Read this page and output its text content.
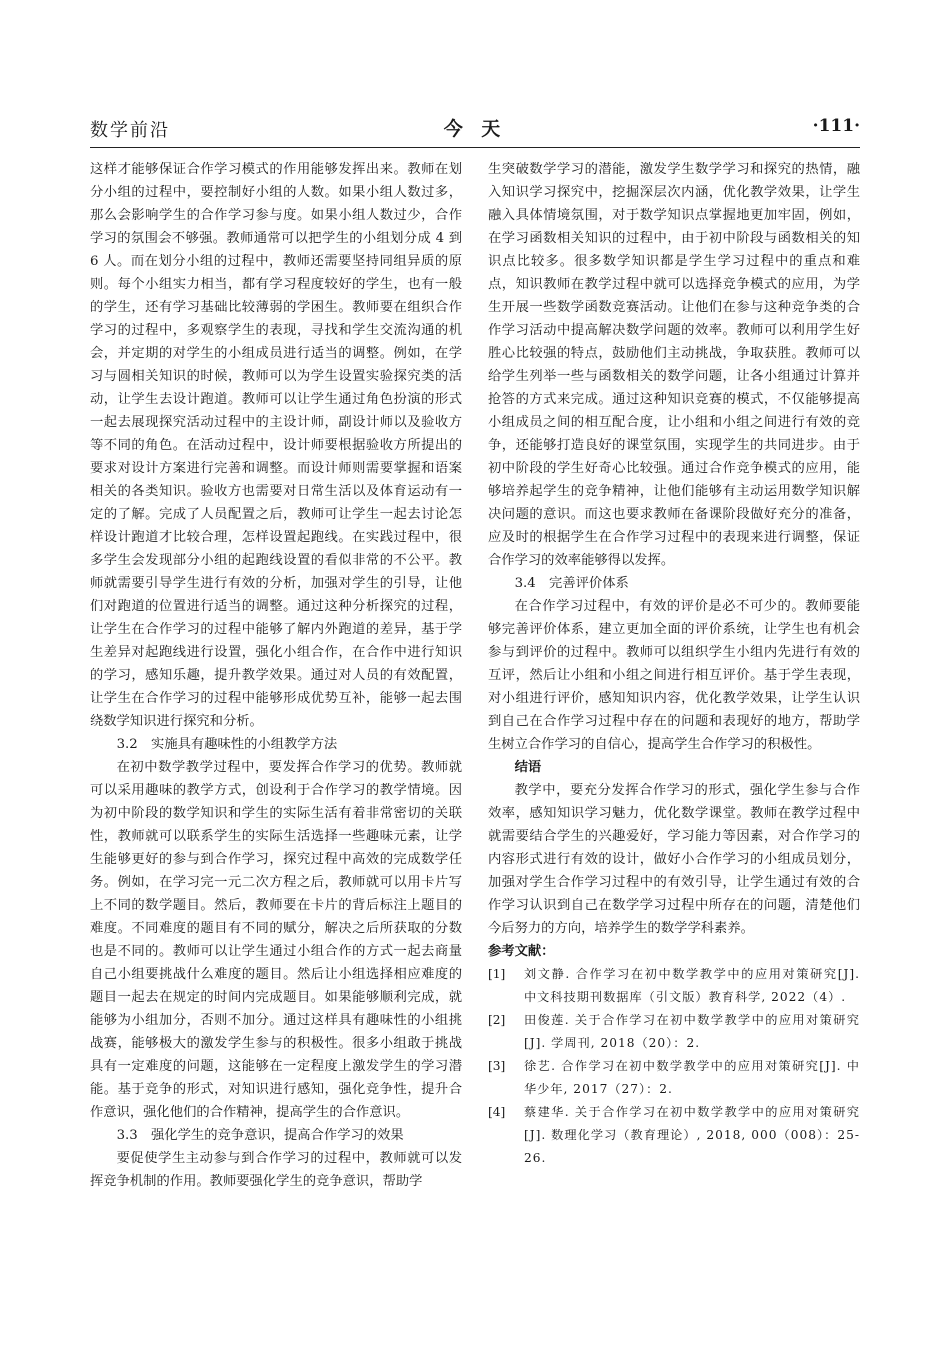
数学前沿	今 天	·111·

这样才能够保证合作学习模式的作用能够发挥出来。教师在划分小组的过程中，要控制好小组的人数。如果小组人数过多，那么会影响学生的合作学习参与度。如果小组人数过少，合作学习的氛围会不够强。教师通常可以把学生的小组划分成 4 到 6 人。而在划分小组的过程中，教师还需要坚持同组异质的原则。每个小组实力相当，都有学习程度较好的学生，也有一般的学生，还有学习基础比较薄弱的学困生。教师要在组织合作学习的过程中，多观察学生的表现，寻找和学生交流沟通的机会，并定期的对学生的小组成员进行适当的调整。例如，在学习与圆相关知识的时候，教师可以为学生设置实验探究类的活动，让学生去设计跑道。教师可以让学生通过角色扮演的形式一起去展现探究活动过程中的主设计师，副设计师以及验收方等不同的角色。在活动过程中，设计师要根据验收方所提出的要求对设计方案进行完善和调整。而设计师则需要掌握和语案相关的各类知识。验收方也需要对日常生活以及体育运动有一定的了解。完成了人员配置之后，教师可让学生一起去讨论怎样设计跑道才比较合理，怎样设置起跑线。在实践过程中，很多学生会发现部分小组的起跑线设置的看似非常的不公平。教师就需要引导学生进行有效的分析，加强对学生的引导，让他们对跑道的位置进行适当的调整。通过这种分析探究的过程，让学生在合作学习的过程中能够了解内外跑道的差异，基于学生差异对起跑线进行设置，强化小组合作，在合作中进行知识的学习，感知乐趣，提升教学效果。通过对人员的有效配置，让学生在合作学习的过程中能够形成优势互补，能够一起去围绕数学知识进行探究和分析。

3.2　实施具有趣味性的小组教学方法

在初中数学教学过程中，要发挥合作学习的优势。教师就可以采用趣味的教学方式，创设利于合作学习的教学情境。因为初中阶段的数学知识和学生的实际生活有着非常密切的关联性，教师就可以联系学生的实际生活选择一些趣味元素，让学生能够更好的参与到合作学习，探究过程中高效的完成数学任务。例如，在学习完一元二次方程之后，教师就可以用卡片写上不同的数学题目。然后，教师要在卡片的背后标注上题目的难度。不同难度的题目有不同的赋分，解决之后所获取的分数也是不同的。教师可以让学生通过小组合作的方式一起去商量自己小组要挑战什么难度的题目。然后让小组选择相应难度的题目一起去在规定的时间内完成题目。如果能够顺利完成，就能够为小组加分，否则不加分。通过这样具有趣味性的小组挑战赛，能够极大的激发学生参与的积极性。很多小组敢于挑战具有一定难度的问题，这能够在一定程度上激发学生的学习潜能。基于竞争的形式，对知识进行感知，强化竞争性，提升合作意识，强化他们的合作精神，提高学生的合作意识。

3.3　强化学生的竞争意识，提高合作学习的效果

要促使学生主动参与到合作学习的过程中，教师就可以发挥竞争机制的作用。教师要强化学生的竞争意识，帮助学

生突破数学学习的潜能，激发学生数学学习和探究的热情，融入知识学习探究中，挖掘深层次内涵，优化教学效果，让学生融入具体情境氛围，对于数学知识点掌握地更加牢固，例如，在学习函数相关知识的过程中，由于初中阶段与函数相关的知识点比较多。很多数学知识都是学生学习过程中的重点和难点，知识教师在教学过程中就可以选择竞争模式的应用，为学生开展一些数学函数竞赛活动。让他们在参与这种竞争类的合作学习活动中提高解决数学问题的效率。教师可以利用学生好胜心比较强的特点，鼓励他们主动挑战，争取获胜。教师可以给学生列举一些与函数相关的数学问题，让各小组通过计算并抢答的方式来完成。通过这种知识竞赛的模式，不仅能够提高小组成员之间的相互配合度，让小组和小组之间进行有效的竞争，还能够打造良好的课堂氛围，实现学生的共同进步。由于初中阶段的学生好奇心比较强。通过合作竞争模式的应用，能够培养起学生的竞争精神，让他们能够有主动运用数学知识解决问题的意识。而这也要求教师在备课阶段做好充分的准备，应及时的根据学生在合作学习过程中的表现来进行调整，保证合作学习的效率能够得以发挥。

3.4　完善评价体系

在合作学习过程中，有效的评价是必不可少的。教师要能够完善评价体系，建立更加全面的评价系统，让学生也有机会参与到评价的过程中。教师可以组织学生小组内先进行有效的互评，然后让小组和小组之间进行相互评价。基于学生表现，对小组进行评价，感知知识内容，优化教学效果，让学生认识到自己在合作学习过程中存在的问题和表现好的地方，帮助学生树立合作学习的自信心，提高学生合作学习的积极性。

结语

教学中，要充分发挥合作学习的形式，强化学生参与合作效率，感知知识学习魅力，优化数学课堂。教师在教学过程中就需要结合学生的兴趣爱好，学习能力等因素，对合作学习的内容形式进行有效的设计，做好小合作学习的小组成员划分，加强对学生合作学习过程中的有效引导，让学生通过有效的合作学习认识到自己在数学学习过程中所存在的问题，清楚他们今后努力的方向，培养学生的数学学科素养。

参考文献：

[1]	刘文静. 合作学习在初中数学教学中的应用对策研究[J]. 中文科技期刊数据库（引文版）教育科学, 2022（4）.
[2]	田俊莲. 关于合作学习在初中数学教学中的应用对策研究[J]. 学周刊, 2018（20）：2.
[3]	徐艺. 合作学习在初中数学教学中的应用对策研究[J]. 中华少年, 2017（27）：2.
[4]	蔡建华. 关于合作学习在初中数学教学中的应用对策研究[J]. 数理化学习（教育理论）, 2018, 000（008）：25-26.
